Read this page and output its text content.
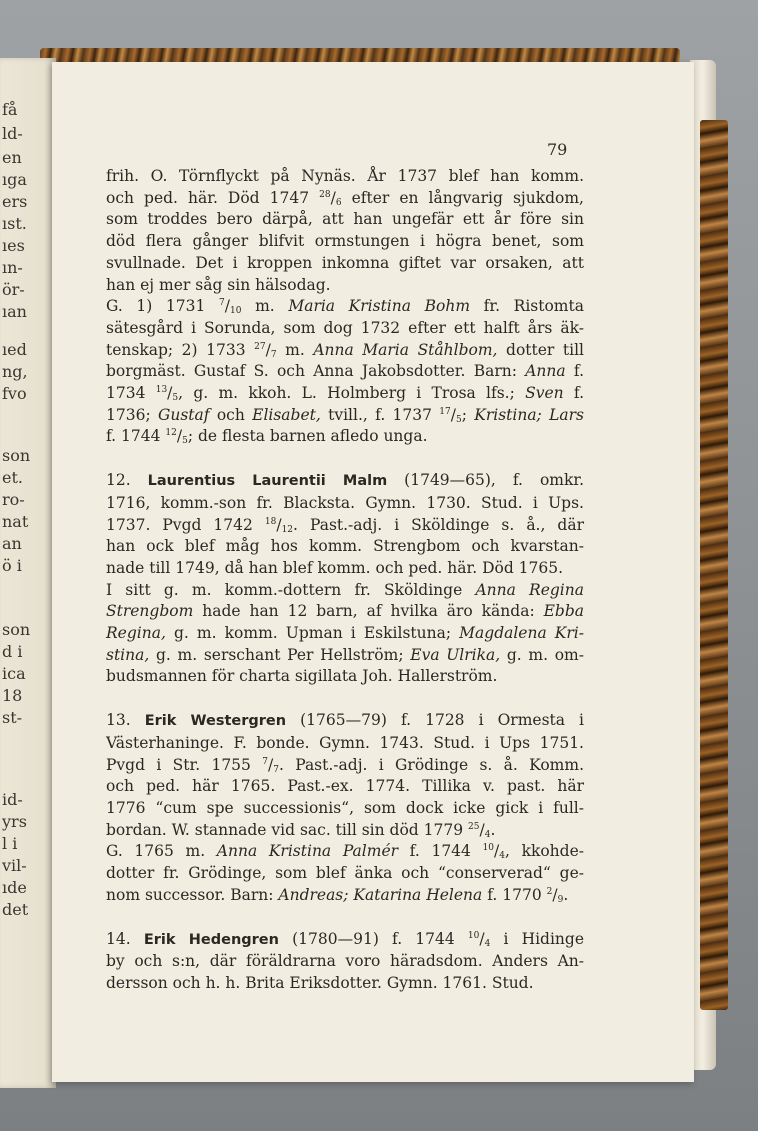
få
ld-
en
ıga
ers
ıst.
ıes
ın-
ör-
ıan
ıed
ng,
fvo
son
et.
ro-
nat
an
ö i
son
d i
ica
18
st-
id-
yrs
l i
vil-
ıde
det
79
frih. O. Törnflyckt på Nynäs. År 1737 blef han komm.
och ped. här. Död 1747 $^{28}/_6$ efter en långvarig sjukdom,
som troddes bero därpå, att han ungefär ett år före sin
död flera gånger blifvit ormstungen i högra benet, som
svullnade. Det i kroppen inkomna giftet var orsaken, att
han ej mer såg sin hälsodag.
G. 1) 1731 $^7/_{10}$ m. Maria Kristina Bohm fr. Ristomta
sätesgård i Sorunda, som dog 1732 efter ett halft års äk-
tenskap; 2) 1733 $^{27}/_7$ m. Anna Maria Ståhlbom, dotter till
borgmäst. Gustaf S. och Anna Jakobsdotter. Barn: Anna f.
1734 $^{13}/_5$, g. m. kkoh. L. Holmberg i Trosa lfs.; Sven f.
1736; Gustaf och Elisabet, tvill., f. 1737 $^{17}/_5$; Kristina; Lars
f. 1744 $^{12}/_5$; de flesta barnen afledo unga.
12. Laurentius Laurentii Malm (1749—65), f. omkr.
1716, komm.-son fr. Blacksta. Gymn. 1730. Stud. i Ups.
1737. Pvgd 1742 $^{18}/_{12}$. Past.-adj. i Sköldinge s. å., där
han ock blef måg hos komm. Strengbom och kvarstan-
nade till 1749, då han blef komm. och ped. här. Död 1765.
I sitt g. m. komm.-dottern fr. Sköldinge Anna Regina
Strengbom hade han 12 barn, af hvilka äro kända: Ebba
Regina, g. m. komm. Upman i Eskilstuna; Magdalena Kri-
stina, g. m. serschant Per Hellström; Eva Ulrika, g. m. om-
budsmannen för charta sigillata Joh. Hallerström.
13. Erik Westergren (1765—79) f. 1728 i Ormesta i
Västerhaninge. F. bonde. Gymn. 1743. Stud. i Ups 1751.
Pvgd i Str. 1755 $^7/_7$. Past.-adj. i Grödinge s. å. Komm.
och ped. här 1765. Past.-ex. 1774. Tillika v. past. här
1776 “cum spe successionis“, som dock icke gick i full-
bordan. W. stannade vid sac. till sin död 1779 $^{25}/_4$.
G. 1765 m. Anna Kristina Palmér f. 1744 $^{10}/_4$, kkohde-
dotter fr. Grödinge, som blef änka och “conserverad“ ge-
nom successor. Barn: Andreas; Katarina Helena f. 1770 $^2/_9$.
14. Erik Hedengren (1780—91) f. 1744 $^{10}/_4$ i Hidinge
by och s:n, där föräldrarna voro häradsdom. Anders An-
dersson och h. h. Brita Eriksdotter. Gymn. 1761. Stud.
